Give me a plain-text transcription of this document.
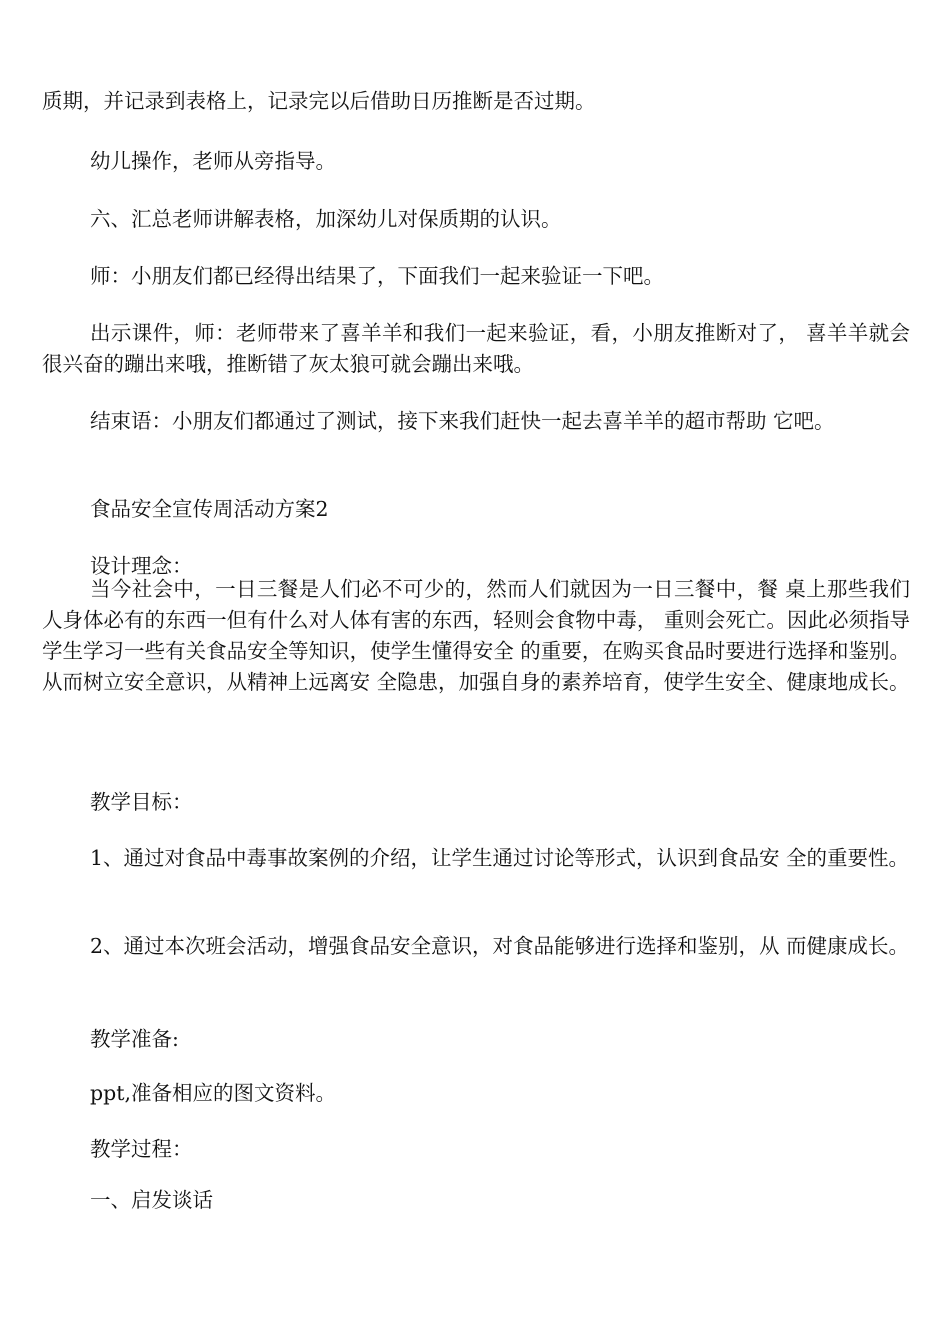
质期，并记录到表格上，记录完以后借助日历推断是否过期。

幼儿操作，老师从旁指导。

六、汇总老师讲解表格，加深幼儿对保质期的认识。

师：小朋友们都已经得出结果了，下面我们一起来验证一下吧。

出示课件，师：老师带来了喜羊羊和我们一起来验证，看，小朋友推断对了， 喜羊羊就会很兴奋的蹦出来哦，推断错了灰太狼可就会蹦出来哦。

结束语：小朋友们都通过了测试，接下来我们赶快一起去喜羊羊的超市帮助 它吧。

食品安全宣传周活动方案2

设计理念：

当今社会中，一日三餐是人们必不可少的，然而人们就因为一日三餐中，餐 桌上那些我们人身体必有的东西一但有什么对人体有害的东西，轻则会食物中毒， 重则会死亡。因此必须指导学生学习一些有关食品安全等知识，使学生懂得安全 的重要，在购买食品时要进行选择和鉴别。从而树立安全意识，从精神上远离安 全隐患，加强自身的素养培育，使学生安全、健康地成长。

教学目标：

1、通过对食品中毒事故案例的介绍，让学生通过讨论等形式，认识到食品安 全的重要性。

2、通过本次班会活动，增强食品安全意识，对食品能够进行选择和鉴别，从 而健康成长。

教学准备:

ppt,准备相应的图文资料。

教学过程：

一、启发谈话
